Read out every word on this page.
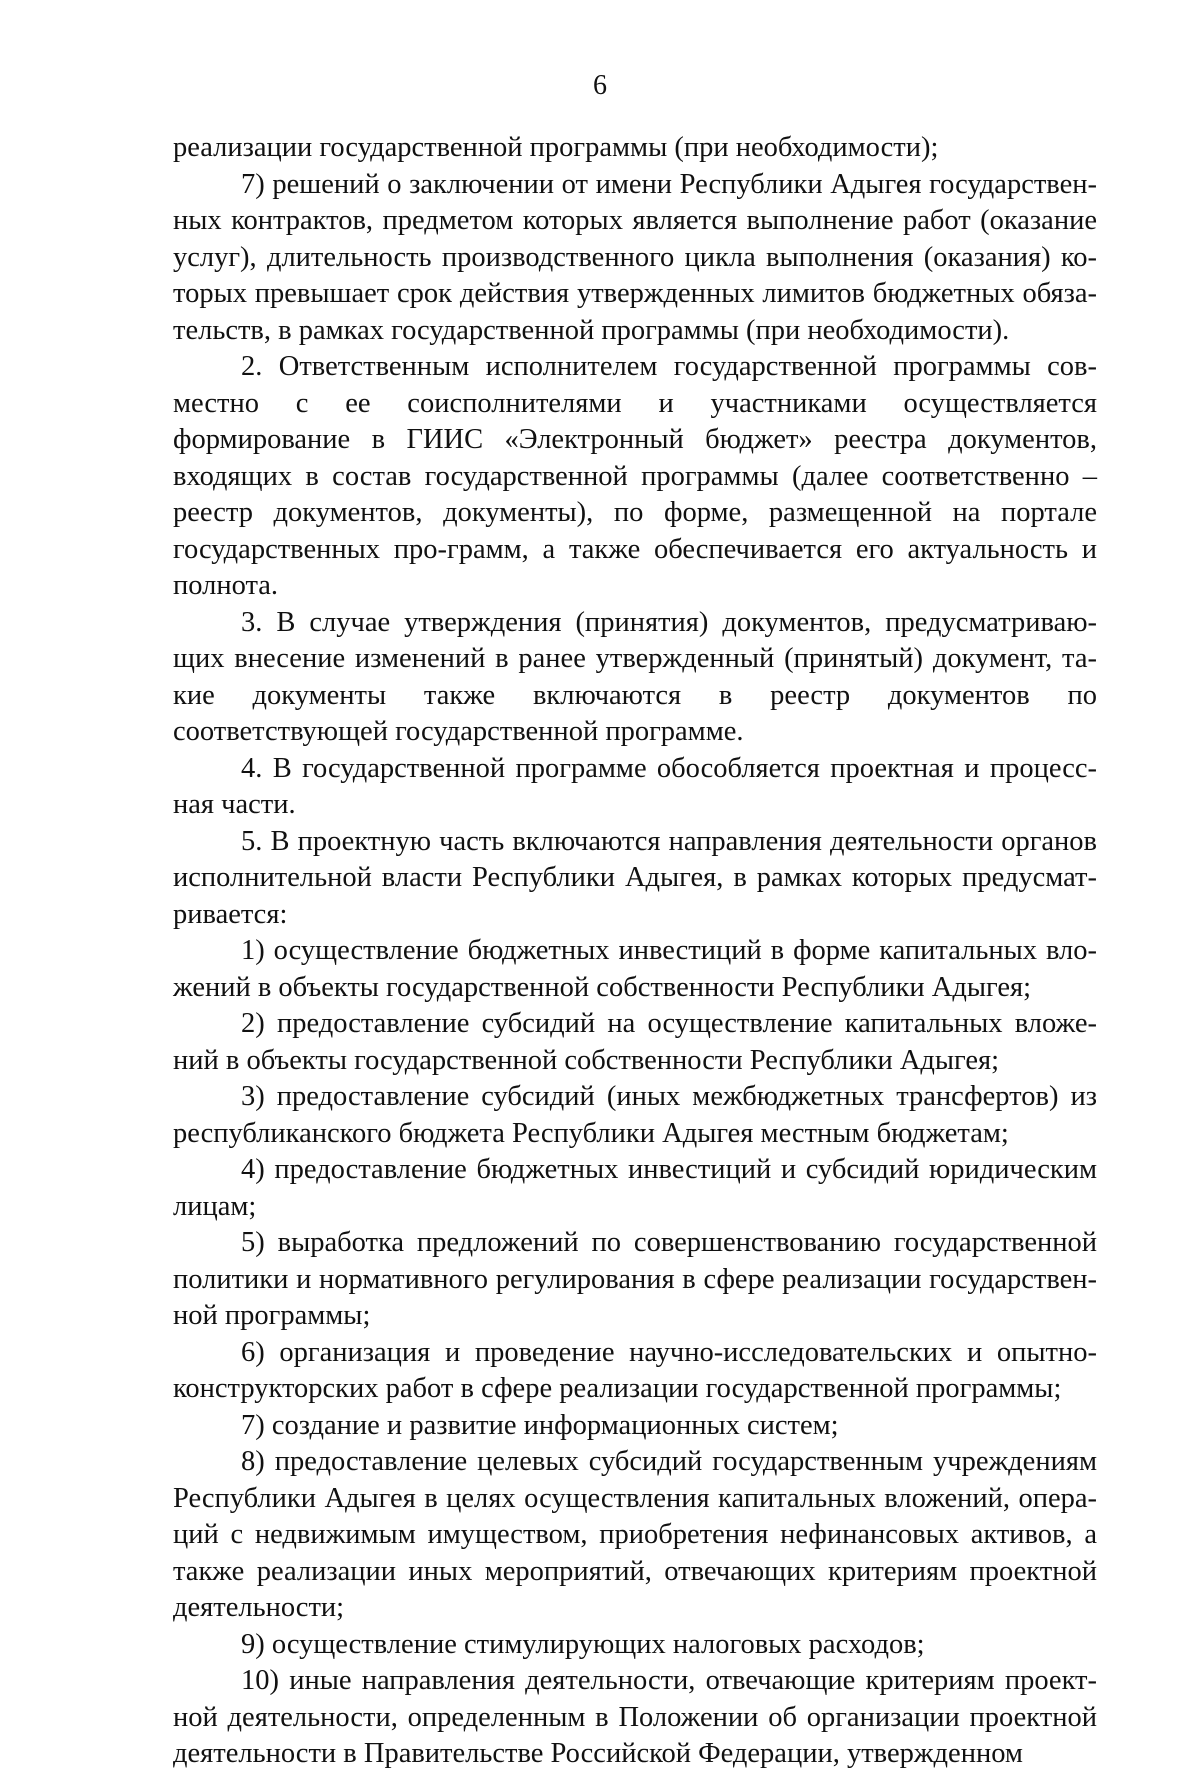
6

реализации государственной программы (при необходимости);

7) решений о заключении от имени Республики Адыгея государствен-ных контрактов, предметом которых является выполнение работ (оказание услуг), длительность производственного цикла выполнения (оказания) ко-торых превышает срок действия утвержденных лимитов бюджетных обяза-тельств, в рамках государственной программы (при необходимости).

2. Ответственным исполнителем государственной программы сов-местно с ее соисполнителями и участниками осуществляется формирование в ГИИС «Электронный бюджет» реестра документов, входящих в состав государственной программы (далее соответственно – реестр документов, документы), по форме, размещенной на портале государственных про-грамм, а также обеспечивается его актуальность и полнота.

3. В случае утверждения (принятия) документов, предусматриваю-щих внесение изменений в ранее утвержденный (принятый) документ, та-кие документы также включаются в реестр документов по соответствующей государственной программе.

4. В государственной программе обособляется проектная и процесс-ная части.

5. В проектную часть включаются направления деятельности органов исполнительной власти Республики Адыгея, в рамках которых предусмат-ривается:

1) осуществление бюджетных инвестиций в форме капитальных вло-жений в объекты государственной собственности Республики Адыгея;

2) предоставление субсидий на осуществление капитальных вложе-ний в объекты государственной собственности Республики Адыгея;

3) предоставление субсидий (иных межбюджетных трансфертов) из республиканского бюджета Республики Адыгея местным бюджетам;

4) предоставление бюджетных инвестиций и субсидий юридическим лицам;

5) выработка предложений по совершенствованию государственной политики и нормативного регулирования в сфере реализации государствен-ной программы;

6) организация и проведение научно-исследовательских и опытно-конструкторских работ в сфере реализации государственной программы;

7) создание и развитие информационных систем;

8) предоставление целевых субсидий государственным учреждениям Республики Адыгея в целях осуществления капитальных вложений, опера-ций с недвижимым имуществом, приобретения нефинансовых активов, а также реализации иных мероприятий, отвечающих критериям проектной деятельности;

9) осуществление стимулирующих налоговых расходов;

10) иные направления деятельности, отвечающие критериям проект-ной деятельности, определенным в Положении об организации проектной деятельности в Правительстве Российской Федерации, утвержденном
